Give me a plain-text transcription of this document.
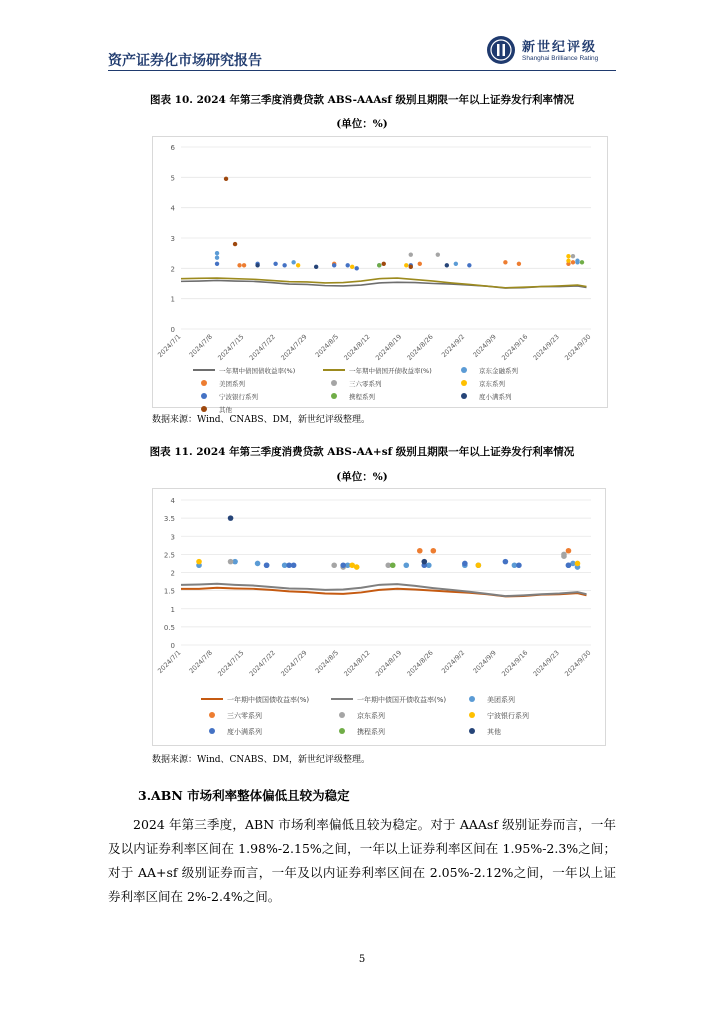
资产证券化市场研究报告
新世纪评级
Shanghai Brilliance Rating
图表 10. 2024 年第三季度消费贷款 ABS-AAAsf 级别且期限一年以上证券发行利率情况
(单位：%)
0
1
2
3
4
5
6
2024/7/1 2024/7/8 2024/7/15 2024/7/22 2024/7/29 2024/8/5 2024/8/12 2024/8/19 2024/8/26 2024/9/2 2024/9/9 2024/9/16 2024/9/23 2024/9/30
一年期中债国债收益率(%)	一年期中债国开债收益率(%)	京东金融系列
美团系列	三六零系列	京东系列
宁波银行系列	携程系列	度小满系列
其他
数据来源：Wind、CNABS、DM，新世纪评级整理。
图表 11. 2024 年第三季度消费贷款 ABS-AA+sf 级别且期限一年以上证券发行利率情况
(单位：%)
0
0.5
1
1.5
2
2.5
3
3.5
4
2024/7/1 2024/7/8 2024/7/15 2024/7/22 2024/7/29 2024/8/5 2024/8/12 2024/8/19 2024/8/26 2024/9/2 2024/9/9 2024/9/16 2024/9/23 2024/9/30
一年期中债国债收益率(%)	一年期中债国开债收益率(%)	美团系列
三六零系列	京东系列	宁波银行系列
度小满系列	携程系列	其他
数据来源：Wind、CNABS、DM，新世纪评级整理。
3.ABN 市场利率整体偏低且较为稳定
2024 年第三季度，ABN 市场利率偏低且较为稳定。对于 AAAsf 级别证券而言，一年及以内证券利率区间在 1.98%-2.15%之间，一年以上证券利率区间在 1.95%-2.3%之间；对于 AA+sf 级别证券而言，一年及以内证券利率区间在 2.05%-2.12%之间，一年以上证券利率区间在 2%-2.4%之间。
5
